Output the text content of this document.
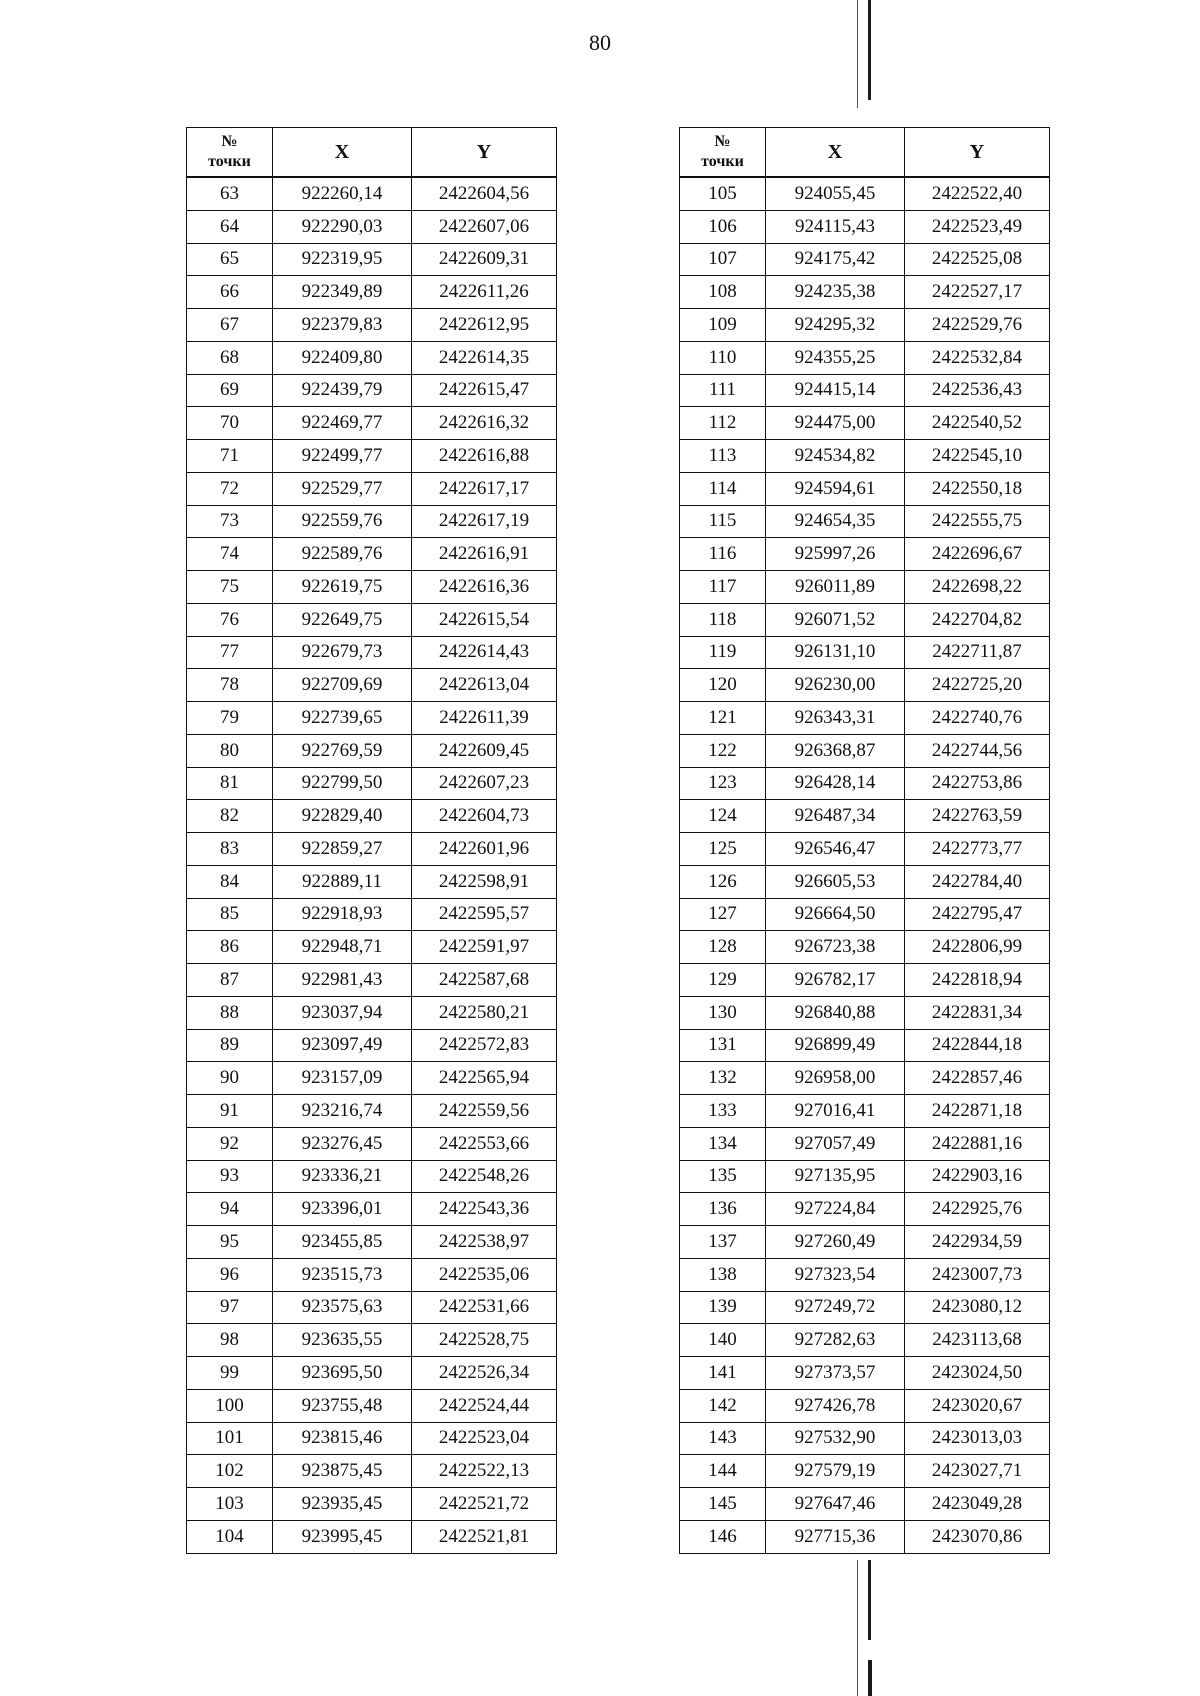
80
№
точки	X	Y
63	922260,14	2422604,56
64	922290,03	2422607,06
65	922319,95	2422609,31
66	922349,89	2422611,26
67	922379,83	2422612,95
68	922409,80	2422614,35
69	922439,79	2422615,47
70	922469,77	2422616,32
71	922499,77	2422616,88
72	922529,77	2422617,17
73	922559,76	2422617,19
74	922589,76	2422616,91
75	922619,75	2422616,36
76	922649,75	2422615,54
77	922679,73	2422614,43
78	922709,69	2422613,04
79	922739,65	2422611,39
80	922769,59	2422609,45
81	922799,50	2422607,23
82	922829,40	2422604,73
83	922859,27	2422601,96
84	922889,11	2422598,91
85	922918,93	2422595,57
86	922948,71	2422591,97
87	922981,43	2422587,68
88	923037,94	2422580,21
89	923097,49	2422572,83
90	923157,09	2422565,94
91	923216,74	2422559,56
92	923276,45	2422553,66
93	923336,21	2422548,26
94	923396,01	2422543,36
95	923455,85	2422538,97
96	923515,73	2422535,06
97	923575,63	2422531,66
98	923635,55	2422528,75
99	923695,50	2422526,34
100	923755,48	2422524,44
101	923815,46	2422523,04
102	923875,45	2422522,13
103	923935,45	2422521,72
104	923995,45	2422521,81
№
точки	X	Y
105	924055,45	2422522,40
106	924115,43	2422523,49
107	924175,42	2422525,08
108	924235,38	2422527,17
109	924295,32	2422529,76
110	924355,25	2422532,84
111	924415,14	2422536,43
112	924475,00	2422540,52
113	924534,82	2422545,10
114	924594,61	2422550,18
115	924654,35	2422555,75
116	925997,26	2422696,67
117	926011,89	2422698,22
118	926071,52	2422704,82
119	926131,10	2422711,87
120	926230,00	2422725,20
121	926343,31	2422740,76
122	926368,87	2422744,56
123	926428,14	2422753,86
124	926487,34	2422763,59
125	926546,47	2422773,77
126	926605,53	2422784,40
127	926664,50	2422795,47
128	926723,38	2422806,99
129	926782,17	2422818,94
130	926840,88	2422831,34
131	926899,49	2422844,18
132	926958,00	2422857,46
133	927016,41	2422871,18
134	927057,49	2422881,16
135	927135,95	2422903,16
136	927224,84	2422925,76
137	927260,49	2422934,59
138	927323,54	2423007,73
139	927249,72	2423080,12
140	927282,63	2423113,68
141	927373,57	2423024,50
142	927426,78	2423020,67
143	927532,90	2423013,03
144	927579,19	2423027,71
145	927647,46	2423049,28
146	927715,36	2423070,86
